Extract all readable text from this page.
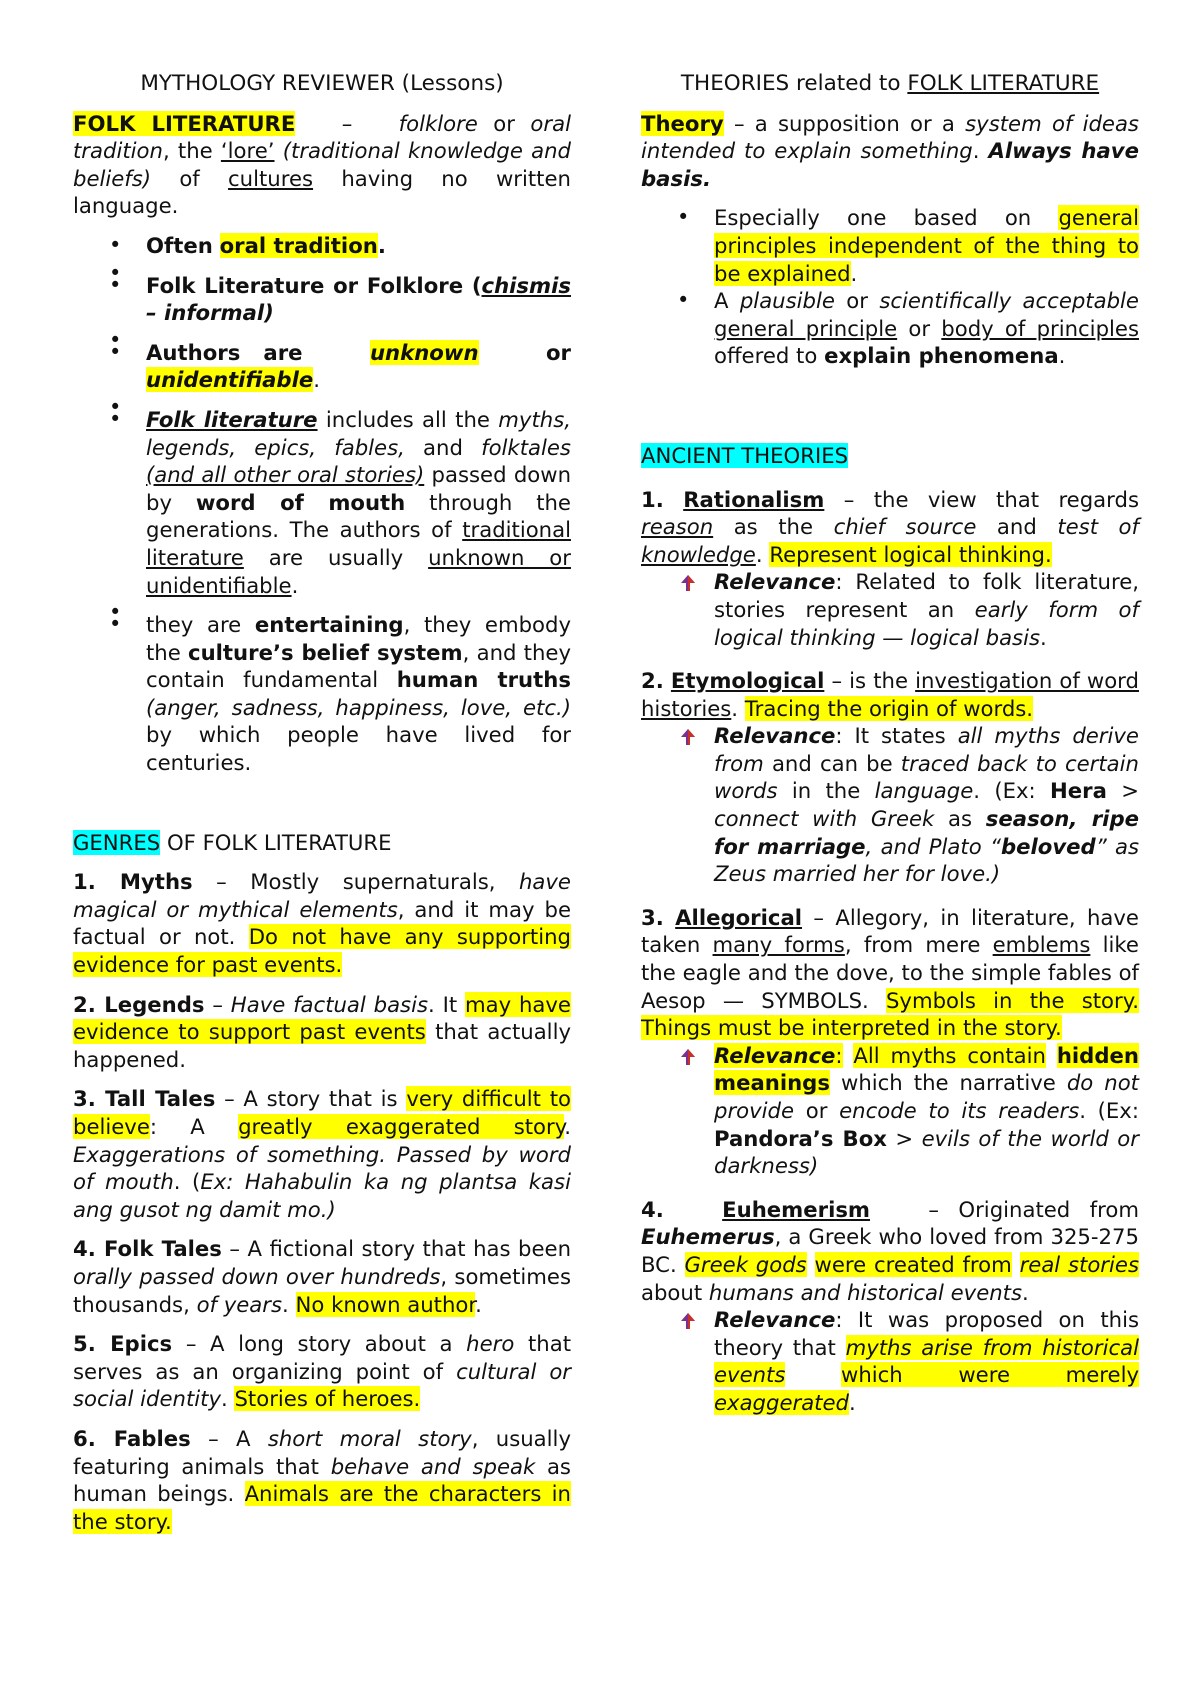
MYTHOLOGY REVIEWER (Lessons)

FOLK LITERATURE – folklore or oral tradition, the ‘lore’ (traditional knowledge and beliefs) of cultures having no written language.

• Often oral tradition.
•
• Folk Literature or Folklore (chismis – informal)
•
• Authors are	unknown	or unidentifiable.
•
• Folk literature includes all the myths, legends, epics, fables, and folktales (and all other oral stories) passed down by word of mouth through the generations. The authors of traditional literature are usually unknown or unidentifiable.
•
• they are entertaining, they embody the culture’s belief system, and they contain fundamental human truths (anger, sadness, happiness, love, etc.) by which people have lived for centuries.

GENRES OF FOLK LITERATURE

1. Myths – Mostly supernaturals, have magical or mythical elements, and it may be factual or not. Do not have any supporting evidence for past events.

2. Legends – Have factual basis. It may have evidence to support past events that actually happened.

3. Tall Tales – A story that is very difficult to believe: A greatly exaggerated story. Exaggerations of something. Passed by word of mouth. (Ex: Hahabulin ka ng plantsa kasi ang gusot ng damit mo.)

4. Folk Tales – A fictional story that has been orally passed down over hundreds, sometimes thousands, of years. No known author.

5. Epics – A long story about a hero that serves as an organizing point of cultural or social identity. Stories of heroes.

6. Fables – A short moral story, usually featuring animals that behave and speak as human beings. Animals are the characters in the story.

THEORIES related to FOLK LITERATURE

Theory – a supposition or a system of ideas intended to explain something. Always have basis.

• Especially one based on general principles independent of the thing to be explained.
• A plausible or scientifically acceptable general principle or body of principles offered to explain phenomena.

ANCIENT THEORIES

1. Rationalism – the view that regards reason as the chief source and test of knowledge. Represent logical thinking.

Relevance: Related to folk literature, stories represent an early form of logical thinking — logical basis.

2. Etymological – is the investigation of word histories. Tracing the origin of words.

Relevance: It states all myths derive from and can be traced back to certain words in the language. (Ex: Hera > connect with Greek as season, ripe for marriage, and Plato “beloved” as Zeus married her for love.)

3. Allegorical – Allegory, in literature, have taken many forms, from mere emblems like the eagle and the dove, to the simple fables of Aesop — SYMBOLS. Symbols in the story. Things must be interpreted in the story.

Relevance: All myths contain hidden meanings which the narrative do not provide or encode to its readers. (Ex: Pandora’s Box > evils of the world or darkness)

4.	Euhemerism	– Originated from Euhemerus, a Greek who loved from 325-275 BC. Greek gods were created from real stories about humans and historical events.

Relevance: It was proposed on this theory that myths arise from historical events	which were merely exaggerated.
